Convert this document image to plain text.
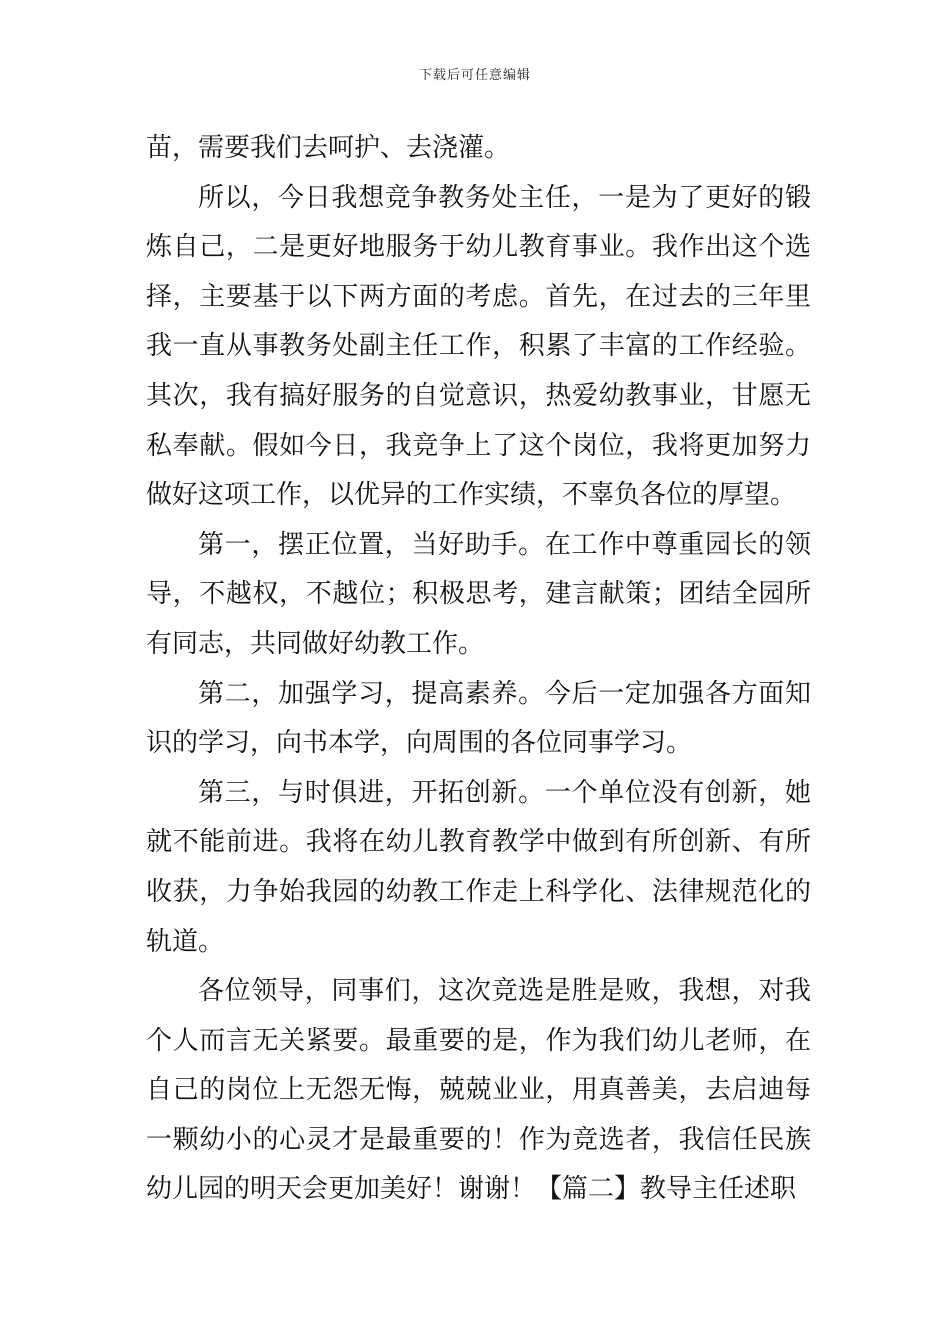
下载后可任意编辑

苗，需要我们去呵护、去浇灌。

所以，今日我想竞争教务处主任，一是为了更好的锻炼自己，二是更好地服务于幼儿教育事业。我作出这个选择，主要基于以下两方面的考虑。首先，在过去的三年里我一直从事教务处副主任工作，积累了丰富的工作经验。其次，我有搞好服务的自觉意识，热爱幼教事业，甘愿无私奉献。假如今日，我竞争上了这个岗位，我将更加努力做好这项工作，以优异的工作实绩，不辜负各位的厚望。

第一，摆正位置，当好助手。在工作中尊重园长的领导，不越权，不越位；积极思考，建言献策；团结全园所有同志，共同做好幼教工作。

第二，加强学习，提高素养。今后一定加强各方面知识的学习，向书本学，向周围的各位同事学习。

第三，与时俱进，开拓创新。一个单位没有创新，她就不能前进。我将在幼儿教育教学中做到有所创新、有所收获，力争始我园的幼教工作走上科学化、法律规范化的轨道。

各位领导，同事们，这次竞选是胜是败，我想，对我个人而言无关紧要。最重要的是，作为我们幼儿老师，在自己的岗位上无怨无悔，兢兢业业，用真善美，去启迪每一颗幼小的心灵才是最重要的！作为竞选者，我信任民族幼儿园的明天会更加美好！谢谢！【篇二】教导主任述职
